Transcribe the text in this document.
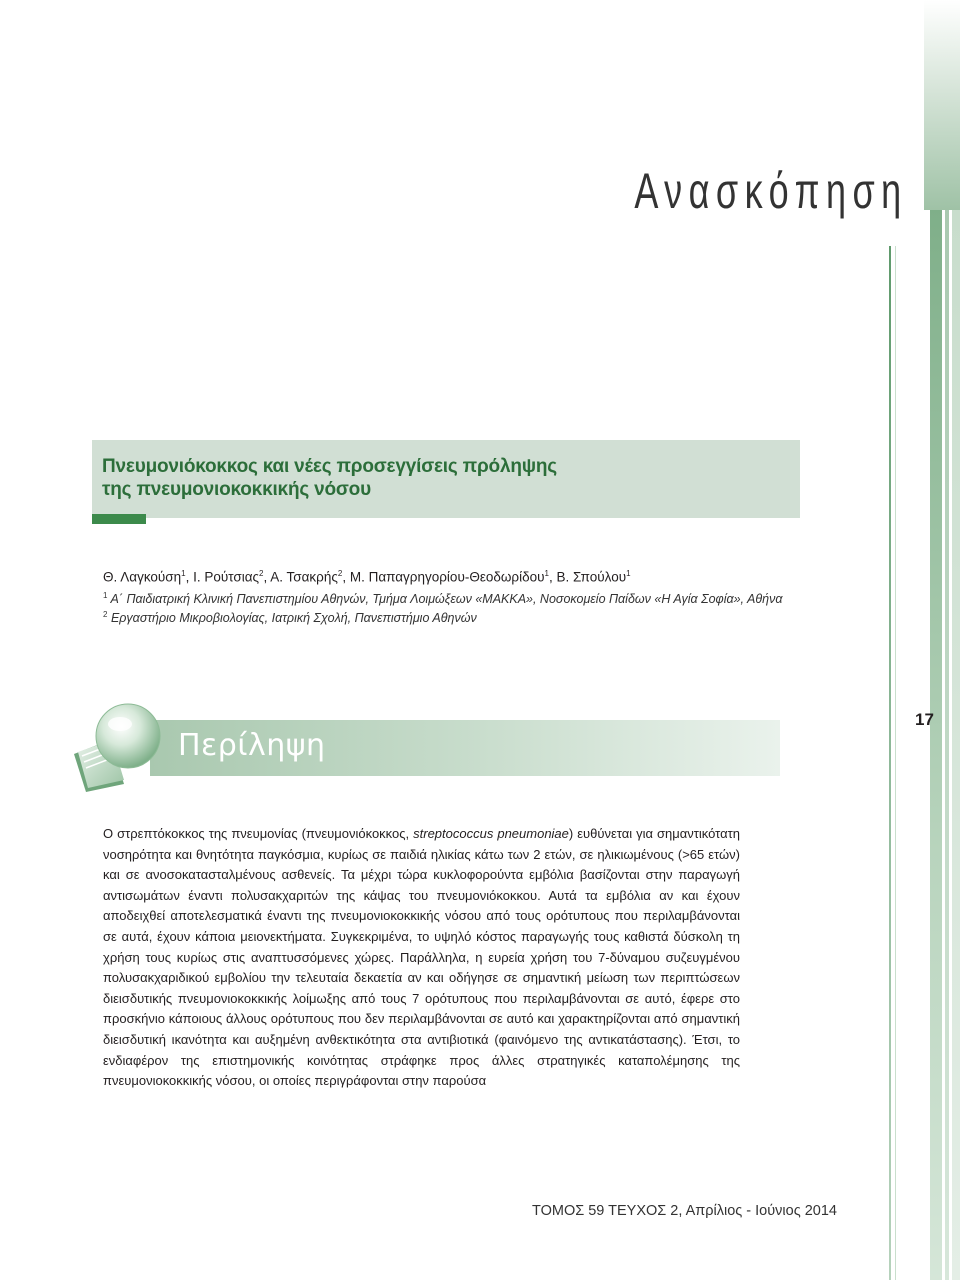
Ανασκόπηση
Πνευμονιόκοκκος και νέες προσεγγίσεις πρόληψης
της πνευμονιοκοκκικής νόσου
Θ. Λαγκούση$^1$, Ι. Ρούτσιας$^2$, Α. Τσακρής$^2$, Μ. Παπαγρηγορίου-Θεοδωρίδου$^1$, Β. Σπούλου$^1$
$^1$ Α΄ Παιδιατρική Κλινική Πανεπιστημίου Αθηνών, Τμήμα Λοιμώξεων «ΜΑΚΚΑ», Νοσοκομείο Παίδων «Η Αγία Σοφία», Αθήνα
$^2$ Εργαστήριο Μικροβιολογίας, Ιατρική Σχολή, Πανεπιστήμιο Αθηνών
Περίληψη
17

Ο στρεπτόκοκκος της πνευμονίας (πνευμονιόκοκκος, streptococcus pneumoniae) ευθύνεται για σημαντικότατη νοσηρότητα και θνητότητα παγκόσμια, κυρίως σε παιδιά ηλικίας κάτω των 2 ετών, σε ηλικιωμένους (>65 ετών) και σε ανοσοκατασταλμένους ασθενείς. Τα μέχρι τώρα κυκλοφορούντα εμβόλια βασίζονται στην παραγωγή αντισωμάτων έναντι πολυσακχαριτών της κάψας του πνευμονιόκοκκου. Αυτά τα εμβόλια αν και έχουν αποδειχθεί αποτελεσματικά έναντι της πνευμονιοκοκκικής νόσου από τους ορότυπους που περιλαμβάνονται σε αυτά, έχουν κάποια μειονεκτήματα. Συγκεκριμένα, το υψηλό κόστος παραγωγής τους καθιστά δύσκολη τη χρήση τους κυρίως στις αναπτυσσόμενες χώρες. Παράλληλα, η ευρεία χρήση του 7-δύναμου συζευγμένου πολυσακχαριδικού εμβολίου την τελευταία δεκαετία αν και οδήγησε σε σημαντική μείωση των περιπτώσεων διεισδυτικής πνευμονιοκοκκικής λοίμωξης από τους 7 ορότυπους που περιλαμβάνονται σε αυτό, έφερε στο προσκήνιο κάποιους άλλους ορότυπους που δεν περιλαμβάνονται σε αυτό και χαρακτηρίζονται από σημαντική διεισδυτική ικανότητα και αυξημένη ανθεκτικότητα στα αντιβιοτικά (φαινόμενο της αντικατάστασης). Έτσι, το ενδιαφέρον της επιστημονικής κοινότητας στράφηκε προς άλλες στρατηγικές καταπολέμησης της πνευμονιοκοκκικής νόσου, οι οποίες περιγράφονται στην παρούσα

ΤΟΜΟΣ 59 ΤΕΥΧΟΣ 2, Απρίλιος - Ιούνιος 2014
